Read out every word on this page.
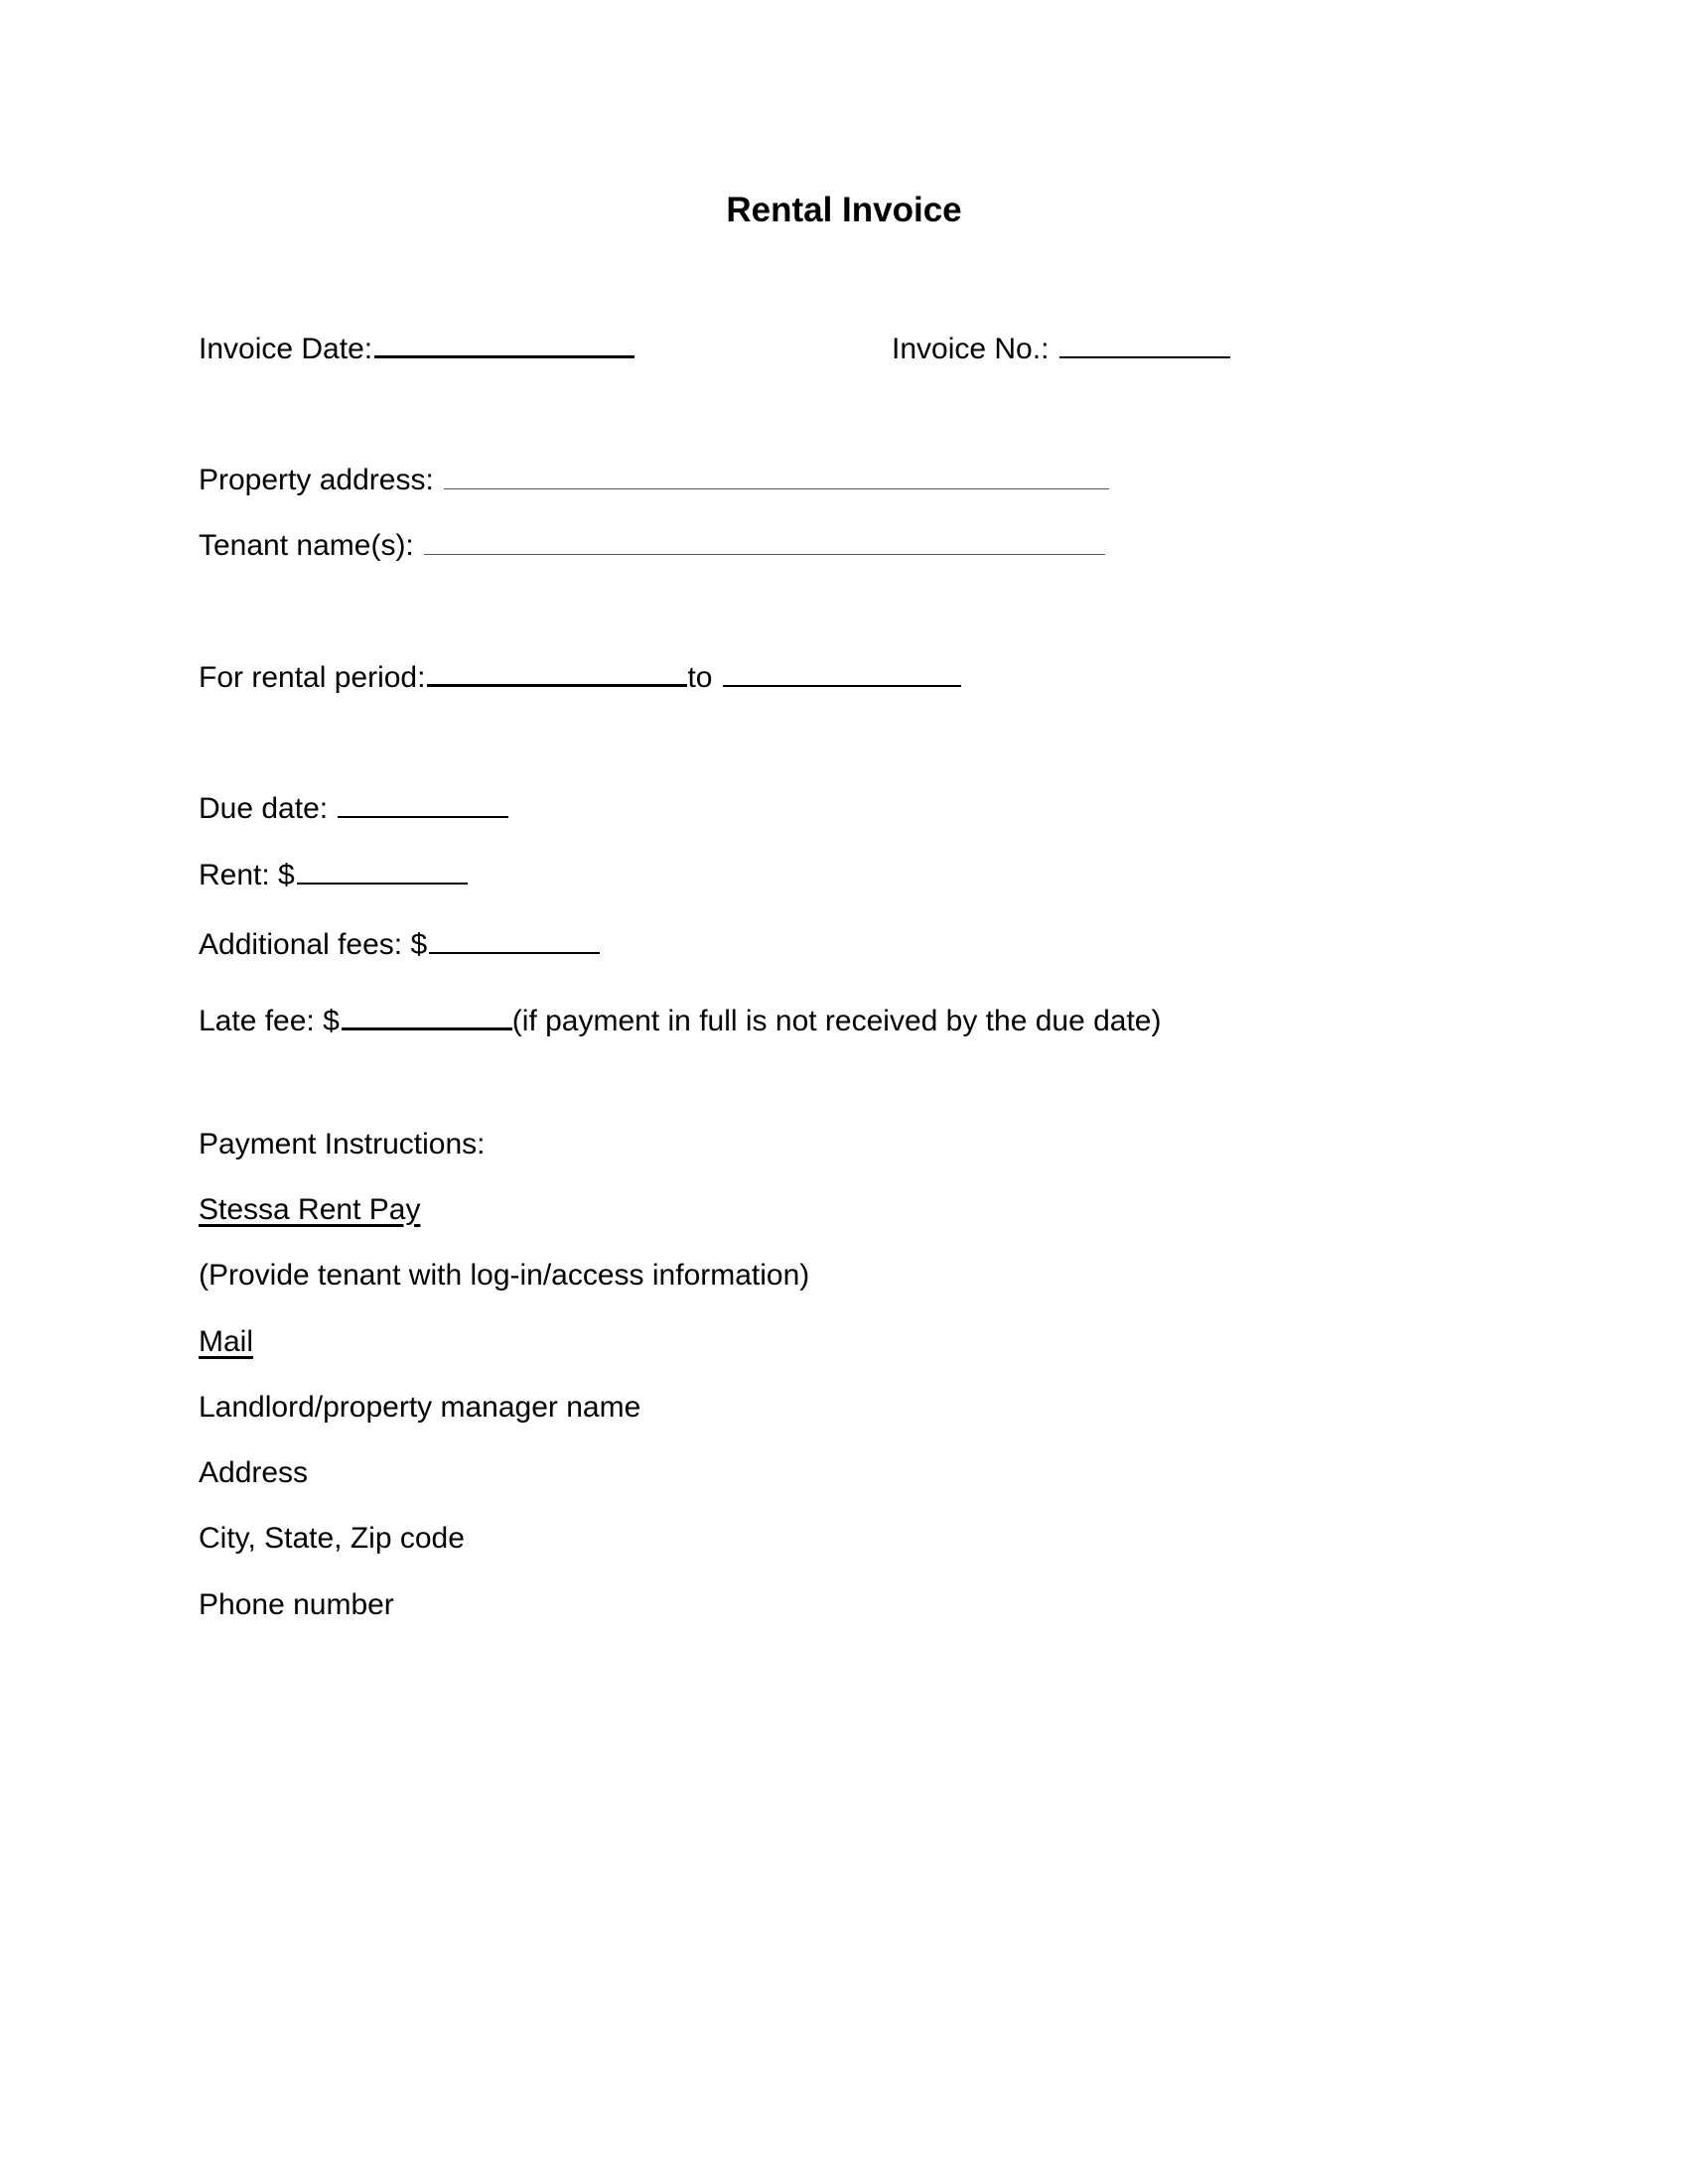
Rental Invoice
Invoice Date:	Invoice No.:
Property address:
Tenant name(s):
For rental period:	to
Due date:
Rent: $
Additional fees: $
Late fee: $	(if payment in full is not received by the due date)
Payment Instructions:
Stessa Rent Pay
(Provide tenant with log-in/access information)
Mail
Landlord/property manager name
Address
City, State, Zip code
Phone number
